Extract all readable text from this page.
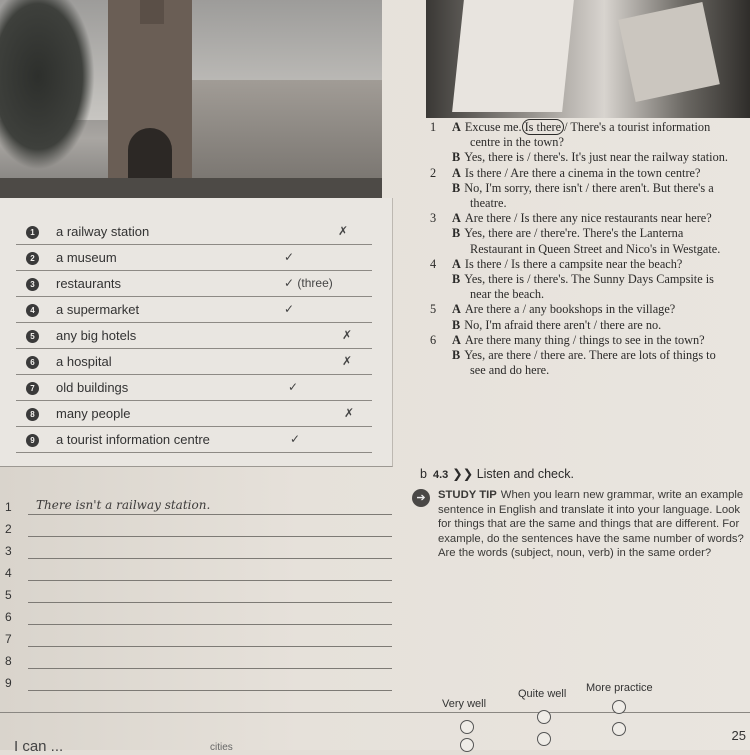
1	a railway station	✗
2	a museum	✓
3	restaurants	✓ (three)
4	a supermarket	✓
5	any big hotels	✗
6	a hospital	✗
7	old buildings	✓
8	many people	✗
9	a tourist information centre	✓
1 There isn't a railway station.
2
3
4
5
6
7
8
9
1 A Excuse me. Is there / There's a tourist information
centre in the town?
B Yes, there is / there's. It's just near the railway station.
2 A Is there / Are there a cinema in the town centre?
B No, I'm sorry, there isn't / there aren't. But there's a
theatre.
3 A Are there / Is there any nice restaurants near here?
B Yes, there are / there're. There's the Lanterna
Restaurant in Queen Street and Nico's in Westgate.
4 A Is there / Is there a campsite near the beach?
B Yes, there is / there's. The Sunny Days Campsite is
near the beach.
5 A Are there a / any bookshops in the village?
B No, I'm afraid there aren't / there are no.
6 A Are there many thing / things to see in the town?
B Yes, are there / there are. There are lots of things to
see and do here.
b 4.3 ❯❯ Listen and check.
➔	STUDY TIP When you learn new grammar, write an example
sentence in English and translate it into your language. Look
for things that are the same and things that are different. For
example, do the sentences have the same number of words?
Are the words (subject, noun, verb) in the same order?
Very well
Quite well More practice
I can ...	cities
25
